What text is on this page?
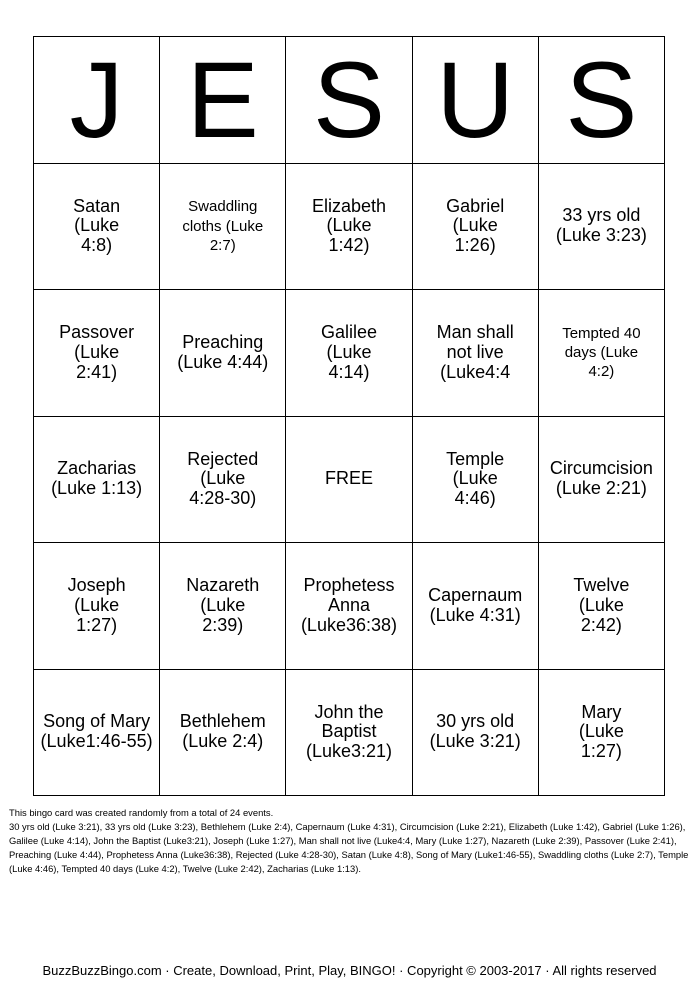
J E S U S
Satan (Luke 4:8)
Swaddling cloths (Luke 2:7)
Elizabeth (Luke 1:42)
Gabriel (Luke 1:26)
33 yrs old (Luke 3:23)
Passover (Luke 2:41)
Preaching (Luke 4:44)
Galilee (Luke 4:14)
Man shall not live (Luke4:4
Tempted 40 days (Luke 4:2)
Zacharias (Luke 1:13)
Rejected (Luke 4:28-30)
FREE
Temple (Luke 4:46)
Circumcision (Luke 2:21)
Joseph (Luke 1:27)
Nazareth (Luke 2:39)
Prophetess Anna (Luke36:38)
Capernaum (Luke 4:31)
Twelve (Luke 2:42)
Song of Mary (Luke1:46-55)
Bethlehem (Luke 2:4)
John the Baptist (Luke3:21)
30 yrs old (Luke 3:21)
Mary (Luke 1:27)

This bingo card was created randomly from a total of 24 events.

30 yrs old (Luke 3:21), 33 yrs old (Luke 3:23), Bethlehem (Luke 2:4), Capernaum (Luke 4:31), Circumcision (Luke 2:21), Elizabeth (Luke 1:42), Gabriel (Luke 1:26), Galilee (Luke 4:14), John the Baptist (Luke3:21), Joseph (Luke 1:27), Man shall not live (Luke4:4, Mary (Luke 1:27), Nazareth (Luke 2:39), Passover (Luke 2:41), Preaching (Luke 4:44), Prophetess Anna (Luke36:38), Rejected (Luke 4:28-30), Satan (Luke 4:8), Song of Mary (Luke1:46-55), Swaddling cloths (Luke 2:7), Temple (Luke 4:46), Tempted 40 days (Luke 4:2), Twelve (Luke 2:42), Zacharias (Luke 1:13).

BuzzBuzzBingo.com · Create, Download, Print, Play, BINGO! · Copyright © 2003-2017 · All rights reserved
